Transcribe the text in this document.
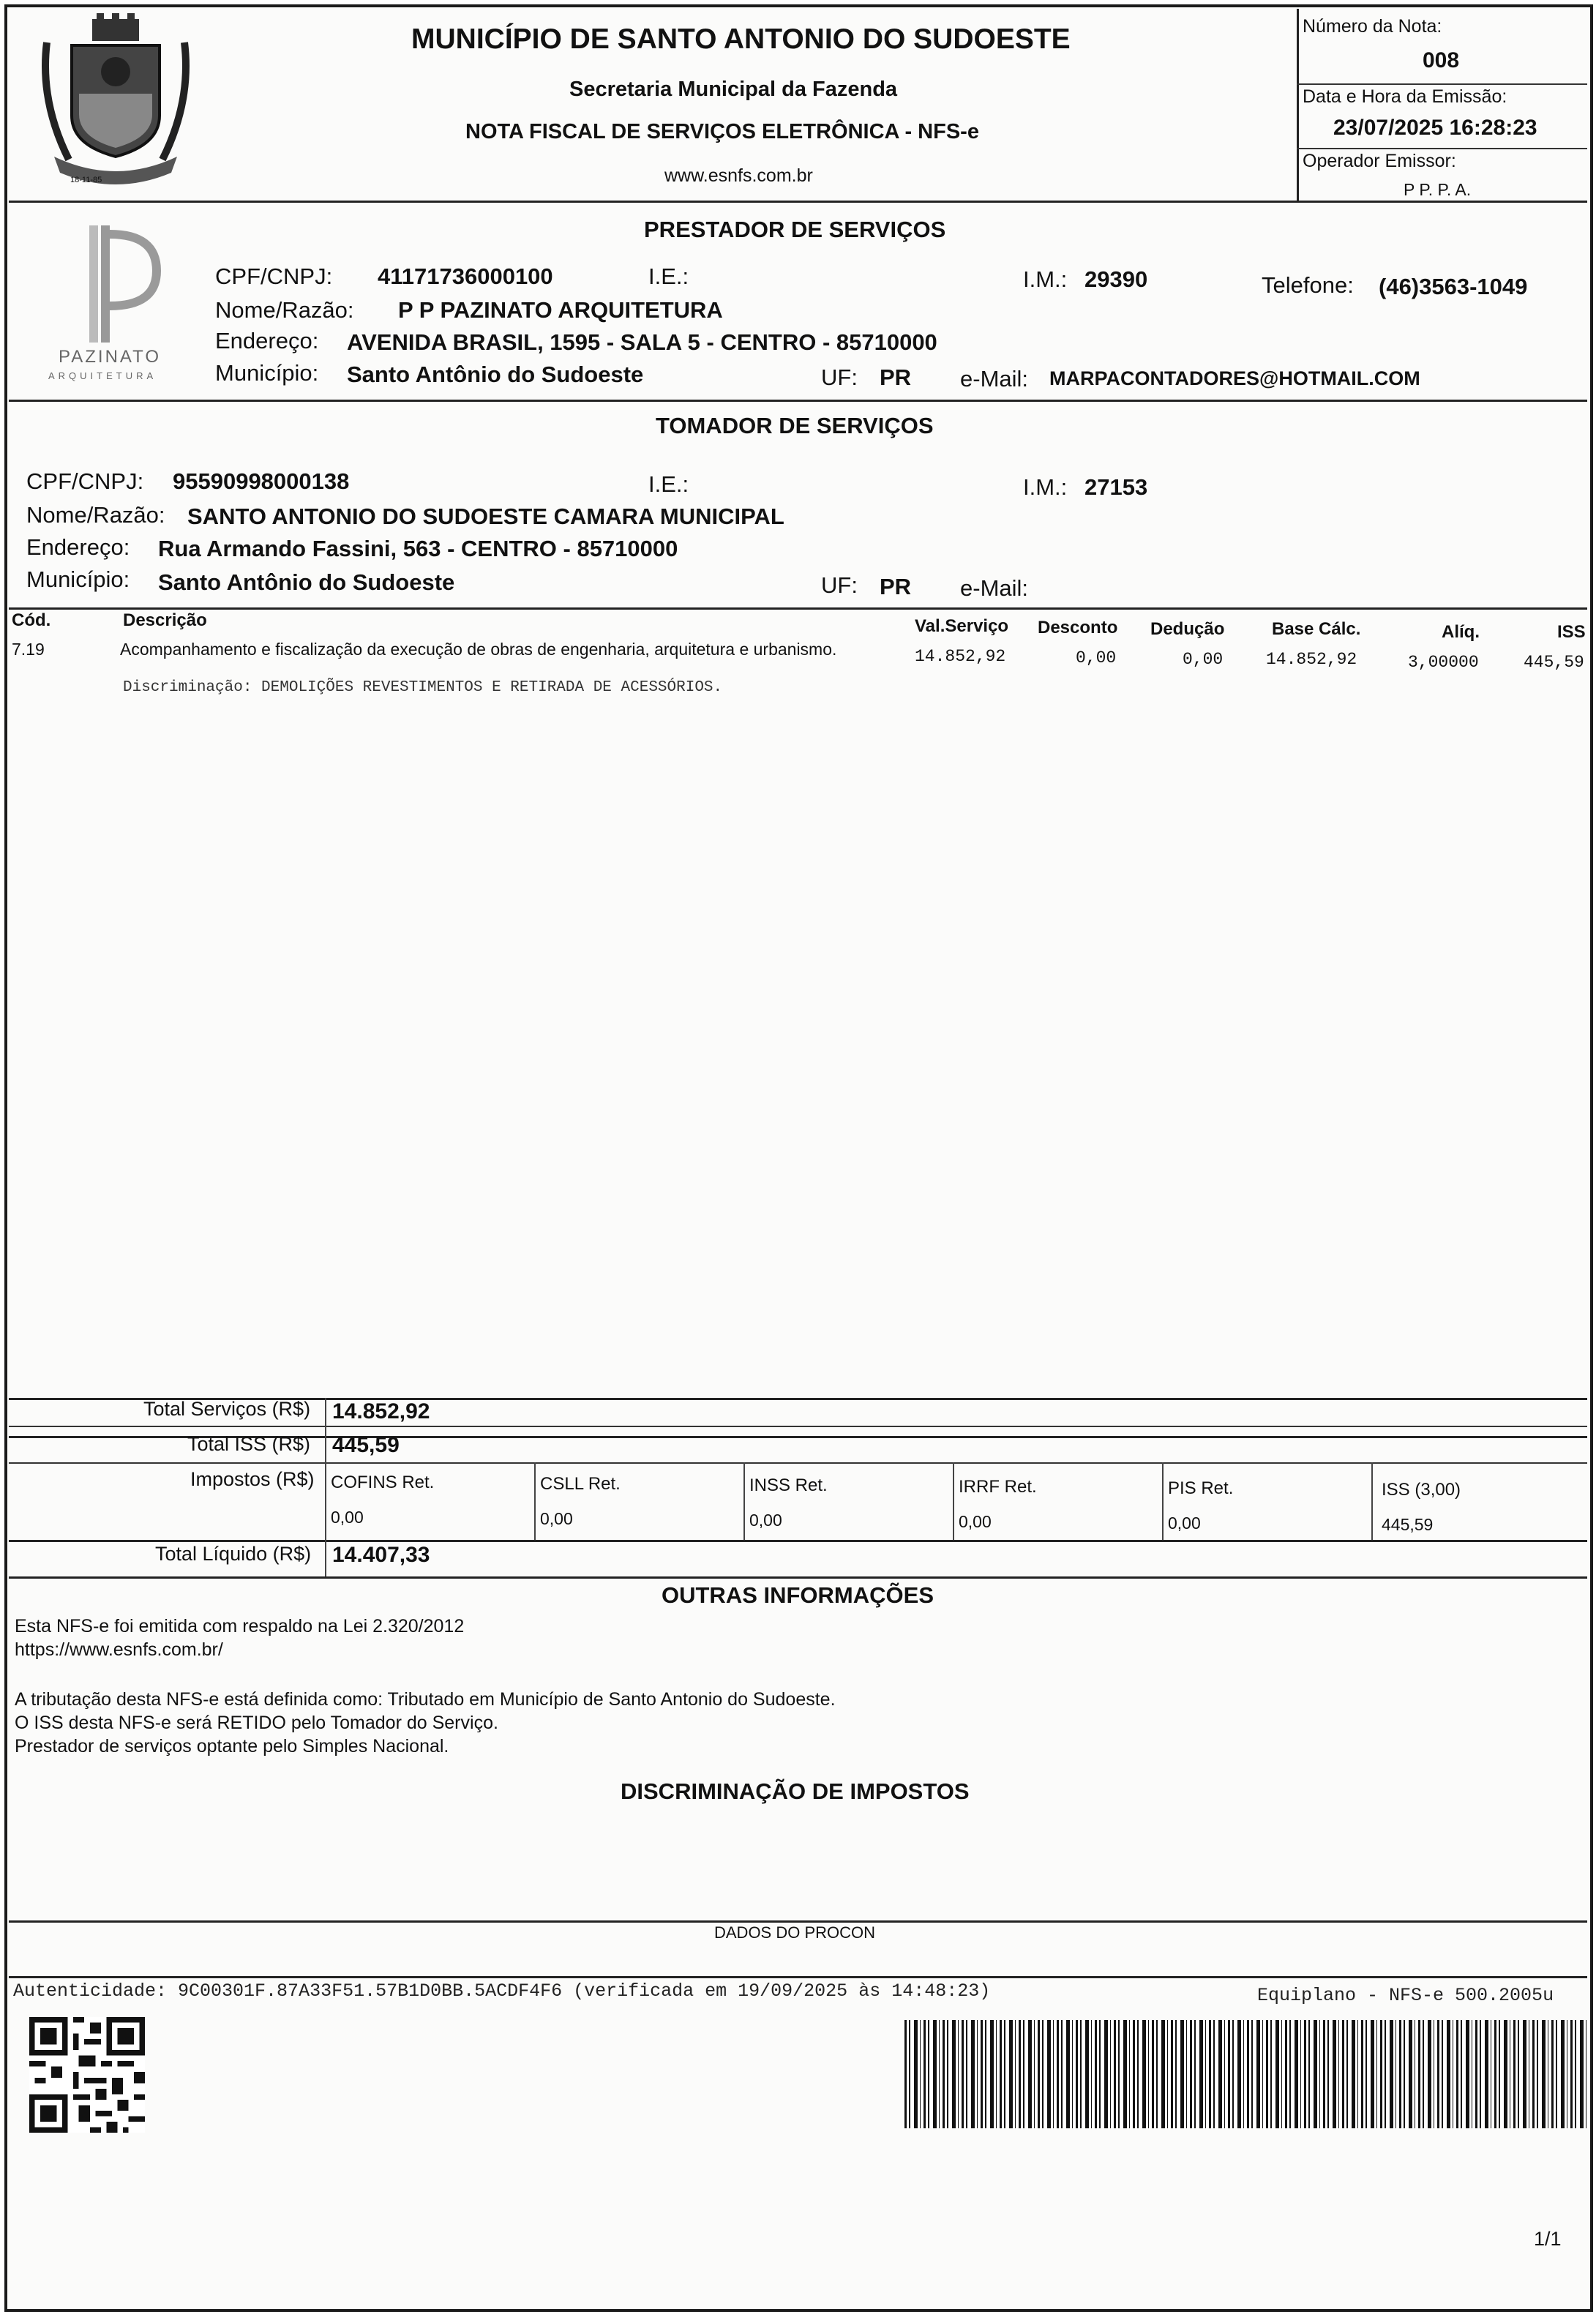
18-11-85
MUNICÍPIO DE SANTO ANTONIO DO SUDOESTE
Secretaria Municipal da Fazenda
NOTA FISCAL DE SERVIÇOS ELETRÔNICA - NFS-e
www.esnfs.com.br
Número da Nota:
008
Data e Hora da Emissão:
23/07/2025 16:28:23
Operador Emissor:
P P. P. A.
PRESTADOR DE SERVIÇOS
PAZINATO
ARQUITETURA
CPF/CNPJ: 41171736000100	I.E.:	I.M.: 29390	Telefone: (46)3563-1049
Nome/Razão: P P PAZINATO ARQUITETURA
Endereço: AVENIDA BRASIL, 1595 - SALA 5 - CENTRO - 85710000
Município: Santo Antônio do Sudoeste	UF: PR e-Mail: MARPACONTADORES@HOTMAIL.COM
TOMADOR DE SERVIÇOS
CPF/CNPJ: 95590998000138	I.E.:	I.M.: 27153
Nome/Razão: SANTO ANTONIO DO SUDOESTE CAMARA MUNICIPAL
Endereço: Rua Armando Fassini, 563 - CENTRO - 85710000
Município: Santo Antônio do Sudoeste	UF: PR e-Mail:
Cód.	Descrição	Val.Serviço Desconto Dedução	Base Cálc.	Alíq.	ISS
7.19	Acompanhamento e fiscalização da execução de obras de engenharia, arquitetura e urbanismo.	14.852,92	0,00	0,00	14.852,92	3,00000	445,59
Discriminação: DEMOLIÇÕES REVESTIMENTOS E RETIRADA DE ACESSÓRIOS.
Total Serviços (R$) 14.852,92
Total ISS (R$) 445,59
Impostos (R$) COFINS Ret.
0,00
CSLL Ret.
0,00
INSS Ret.
0,00
IRRF Ret.
0,00
PIS Ret.
0,00
ISS (3,00)
445,59
Total Líquido (R$) 14.407,33
OUTRAS INFORMAÇÕES
Esta NFS-e foi emitida com respaldo na Lei 2.320/2012
https://www.esnfs.com.br/
A tributação desta NFS-e está definida como: Tributado em Município de Santo Antonio do Sudoeste.
O ISS desta NFS-e será RETIDO pelo Tomador do Serviço.
Prestador de serviços optante pelo Simples Nacional.
DISCRIMINAÇÃO DE IMPOSTOS
DADOS DO PROCON
Autenticidade: 9C00301F.87A33F51.57B1D0BB.5ACDF4F6 (verificada em 19/09/2025 às 14:48:23)	Equiplano - NFS-e 500.2005u
1/1
